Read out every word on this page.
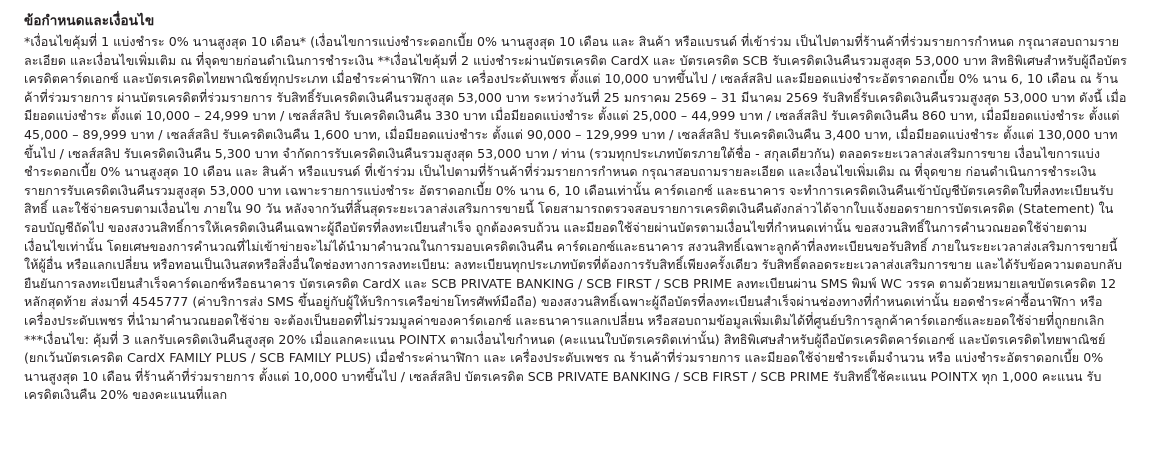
ข้อกำหนดและเงื่อนไข

*เงื่อนไขคุ้มที่ 1 แบ่งชำระ 0% นานสูงสุด 10 เดือน* (เงื่อนไขการแบ่งชำระดอกเบี้ย 0% นานสูงสุด 10 เดือน และ สินค้า หรือแบรนด์ ที่เข้าร่วม เป็นไปตามที่ร้านค้าที่ร่วมรายการกำหนด กรุณาสอบถามรายละเอียด และเงื่อนไขเพิ่มเติม ณ ที่จุดขายก่อนดำเนินการชำระเงิน **เงื่อนไขคุ้มที่ 2 แบ่งชำระผ่านบัตรเครดิต CardX และ บัตรเครดิต SCB รับเครดิตเงินคืนรวมสูงสุด 53,000 บาท สิทธิพิเศษสำหรับผู้ถือบัตรเครดิตคาร์ดเอกซ์ และบัตรเครดิตไทยพาณิชย์ทุกประเภท เมื่อชำระค่านาฬิกา และ เครื่องประดับเพชร ตั้งแต่ 10,000 บาทขึ้นไป / เซลส์สลิป และมียอดแบ่งชำระอัตราดอกเบี้ย 0% นาน 6, 10 เดือน ณ ร้านค้าที่ร่วมรายการ ผ่านบัตรเครดิตที่ร่วมรายการ รับสิทธิ์รับเครดิตเงินคืนรวมสูงสุด 53,000 บาท ระหว่างวันที่ 25 มกราคม 2569 – 31 มีนาคม 2569 รับสิทธิ์รับเครดิตเงินคืนรวมสูงสุด 53,000 บาท ดังนี้ เมื่อมียอดแบ่งชำระ ตั้งแต่ 10,000 – 24,999 บาท / เซลส์สลิป รับเครดิตเงินคืน 330 บาท เมื่อมียอดแบ่งชำระ ตั้งแต่ 25,000 – 44,999 บาท / เซลส์สลิป รับเครดิตเงินคืน 860 บาท, เมื่อมียอดแบ่งชำระ ตั้งแต่ 45,000 – 89,999 บาท / เซลส์สลิป รับเครดิตเงินคืน 1,600 บาท, เมื่อมียอดแบ่งชำระ ตั้งแต่ 90,000 – 129,999 บาท / เซลส์สลิป รับเครดิตเงินคืน 3,400 บาท, เมื่อมียอดแบ่งชำระ ตั้งแต่ 130,000 บาทขึ้นไป / เซลส์สลิป รับเครดิตเงินคืน 5,300 บาท จำกัดการรับเครดิตเงินคืนรวมสูงสุด 53,000 บาท / ท่าน (รวมทุกประเภทบัตรภายใต้ชื่อ - สกุลเดียวกัน) ตลอดระยะเวลาส่งเสริมการขาย เงื่อนไขการแบ่งชำระดอกเบี้ย 0% นานสูงสุด 10 เดือน และ สินค้า หรือแบรนด์ ที่เข้าร่วม เป็นไปตามที่ร้านค้าที่ร่วมรายการกำหนด กรุณาสอบถามรายละเอียด และเงื่อนไขเพิ่มเติม ณ ที่จุดขาย ก่อนดำเนินการชำระเงินรายการรับเครดิตเงินคืนรวมสูงสุด 53,000 บาท เฉพาะรายการแบ่งชำระ อัตราดอกเบี้ย 0% นาน 6, 10 เดือนเท่านั้น คาร์ดเอกซ์ และธนาคาร จะทำการเครดิตเงินคืนเข้าบัญชีบัตรเครดิตใบที่ลงทะเบียนรับสิทธิ์ และใช้จ่ายครบตามเงื่อนไข ภายใน 90 วัน หลังจากวันที่สิ้นสุดระยะเวลาส่งเสริมการขายนี้ โดยสามารถตรวจสอบรายการเครดิตเงินคืนดังกล่าวได้จากใบแจ้งยอดรายการบัตรเครดิต (Statement) ในรอบบัญชีถัดไป ของสงวนสิทธิ์การให้เครดิตเงินคืนเฉพาะผู้ถือบัตรที่ลงทะเบียนสำเร็จ ถูกต้องครบถ้วน และมียอดใช้จ่ายผ่านบัตรตามเงื่อนไขที่กำหนดเท่านั้น ขอสงวนสิทธิ์ในการคำนวณยอดใช้จ่ายตามเงื่อนไขเท่านั้น โดยเศษของการคำนวณที่ไม่เข้าข่ายจะไม่ได้นำมาคำนวณในการมอบเครดิตเงินคืน คาร์ดเอกซ์และธนาคาร สงวนสิทธิ์เฉพาะลูกค้าที่ลงทะเบียนขอรับสิทธิ์ ภายในระยะเวลาส่งเสริมการขายนี้ให้ผู้อื่น หรือแลกเปลี่ยน หรือทอนเป็นเงินสดหรือสิ่งอื่นใดช่องทางการลงทะเบียน: ลงทะเบียนทุกประเภทบัตรที่ต้องการรับสิทธิ์เพียงครั้งเดียว รับสิทธิ์ตลอดระยะเวลาส่งเสริมการขาย และได้รับข้อความตอบกลับยืนยันการลงทะเบียนสำเร็จคาร์ดเอกซ์หรือธนาคาร บัตรเครดิต CardX และ SCB PRIVATE BANKING / SCB FIRST / SCB PRIME ลงทะเบียนผ่าน SMS พิมพ์ WC วรรค ตามด้วยหมายเลขบัตรเครดิต 12 หลักสุดท้าย ส่งมาที่ 4545777 (ค่าบริการส่ง SMS ขึ้นอยู่กับผู้ให้บริการเครือข่ายโทรศัพท์มือถือ) ของสงวนสิทธิ์เฉพาะผู้ถือบัตรที่ลงทะเบียนสำเร็จผ่านช่องทางที่กำหนดเท่านั้น ยอดชำระค่าซื้อนาฬิกา หรือ เครื่องประดับเพชร ที่นำมาคำนวณยอดใช้จ่าย จะต้องเป็นยอดที่ไม่รวมมูลค่าของคาร์ดเอกซ์ และธนาคารแลกเปลี่ยน หรือสอบถามข้อมูลเพิ่มเติมได้ที่ศูนย์บริการลูกค้าคาร์ดเอกซ์และยอดใช้จ่ายที่ถูกยกเลิก

***เงื่อนไข: คุ้มที่ 3 แลกรับเครดิตเงินคืนสูงสุด 20% เมื่อแลกคะแนน POINTX ตามเงื่อนไขกำหนด (คะแนนใบบัตรเครดิตเท่านั้น) สิทธิพิเศษสำหรับผู้ถือบัตรเครดิตคาร์ดเอกซ์ และบัตรเครดิตไทยพาณิชย์ (ยกเว้นบัตรเครดิต CardX FAMILY PLUS / SCB FAMILY PLUS) เมื่อชำระค่านาฬิกา และ เครื่องประดับเพชร ณ ร้านค้าที่ร่วมรายการ และมียอดใช้จ่ายชำระเต็มจำนวน หรือ แบ่งชำระอัตราดอกเบี้ย 0% นานสูงสุด 10 เดือน ที่ร้านค้าที่ร่วมรายการ ตั้งแต่ 10,000 บาทขึ้นไป / เซลส์สลิป บัตรเครดิต SCB PRIVATE BANKING / SCB FIRST / SCB PRIME รับสิทธิ์ใช้คะแนน POINTX ทุก 1,000 คะแนน รับเครดิตเงินคืน 20% ของคะแนนที่แลก
